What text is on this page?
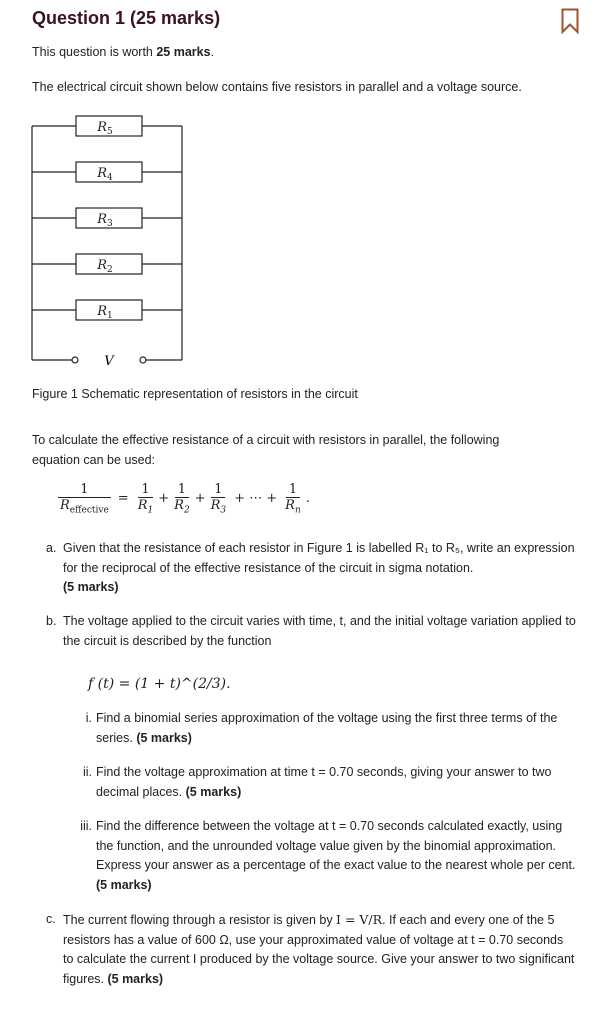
Question 1 (25 marks)
This question is worth 25 marks.
The electrical circuit shown below contains five resistors in parallel and a voltage source.
$R_5$
$R_4$
$R_3$
$R_2$
$R_1$
V
Figure 1 Schematic representation of resistors in the circuit
To calculate the effective resistance of a circuit with resistors in parallel, the following equation can be used:
$\frac{1}{R_{effective}} = \frac{1}{R_1} + \frac{1}{R_2} + \frac{1}{R_3}$ + ⋯ + $\frac{1}{R_n}$ .
a. Given that the resistance of each resistor in Figure 1 is labelled R₁ to R₅, write an expression for the reciprocal of the effective resistance of the circuit in sigma notation.
(5 marks)
b. The voltage applied to the circuit varies with time, t, and the initial voltage variation applied to the circuit is described by the function
f (t) = (1 + t)^(2/3).
i. Find a binomial series approximation of the voltage using the first three terms of the series. (5 marks)
ii. Find the voltage approximation at time t = 0.70 seconds, giving your answer to two decimal places. (5 marks)
iii. Find the difference between the voltage at t = 0.70 seconds calculated exactly, using the function, and the unrounded voltage value given by the binomial approximation. Express your answer as a percentage of the exact value to the nearest whole per cent. (5 marks)
c. The current flowing through a resistor is given by I = V/R. If each and every one of the 5 resistors has a value of 600 Ω, use your approximated value of voltage at t = 0.70 seconds to calculate the current I produced by the voltage source. Give your answer to two significant figures. (5 marks)
